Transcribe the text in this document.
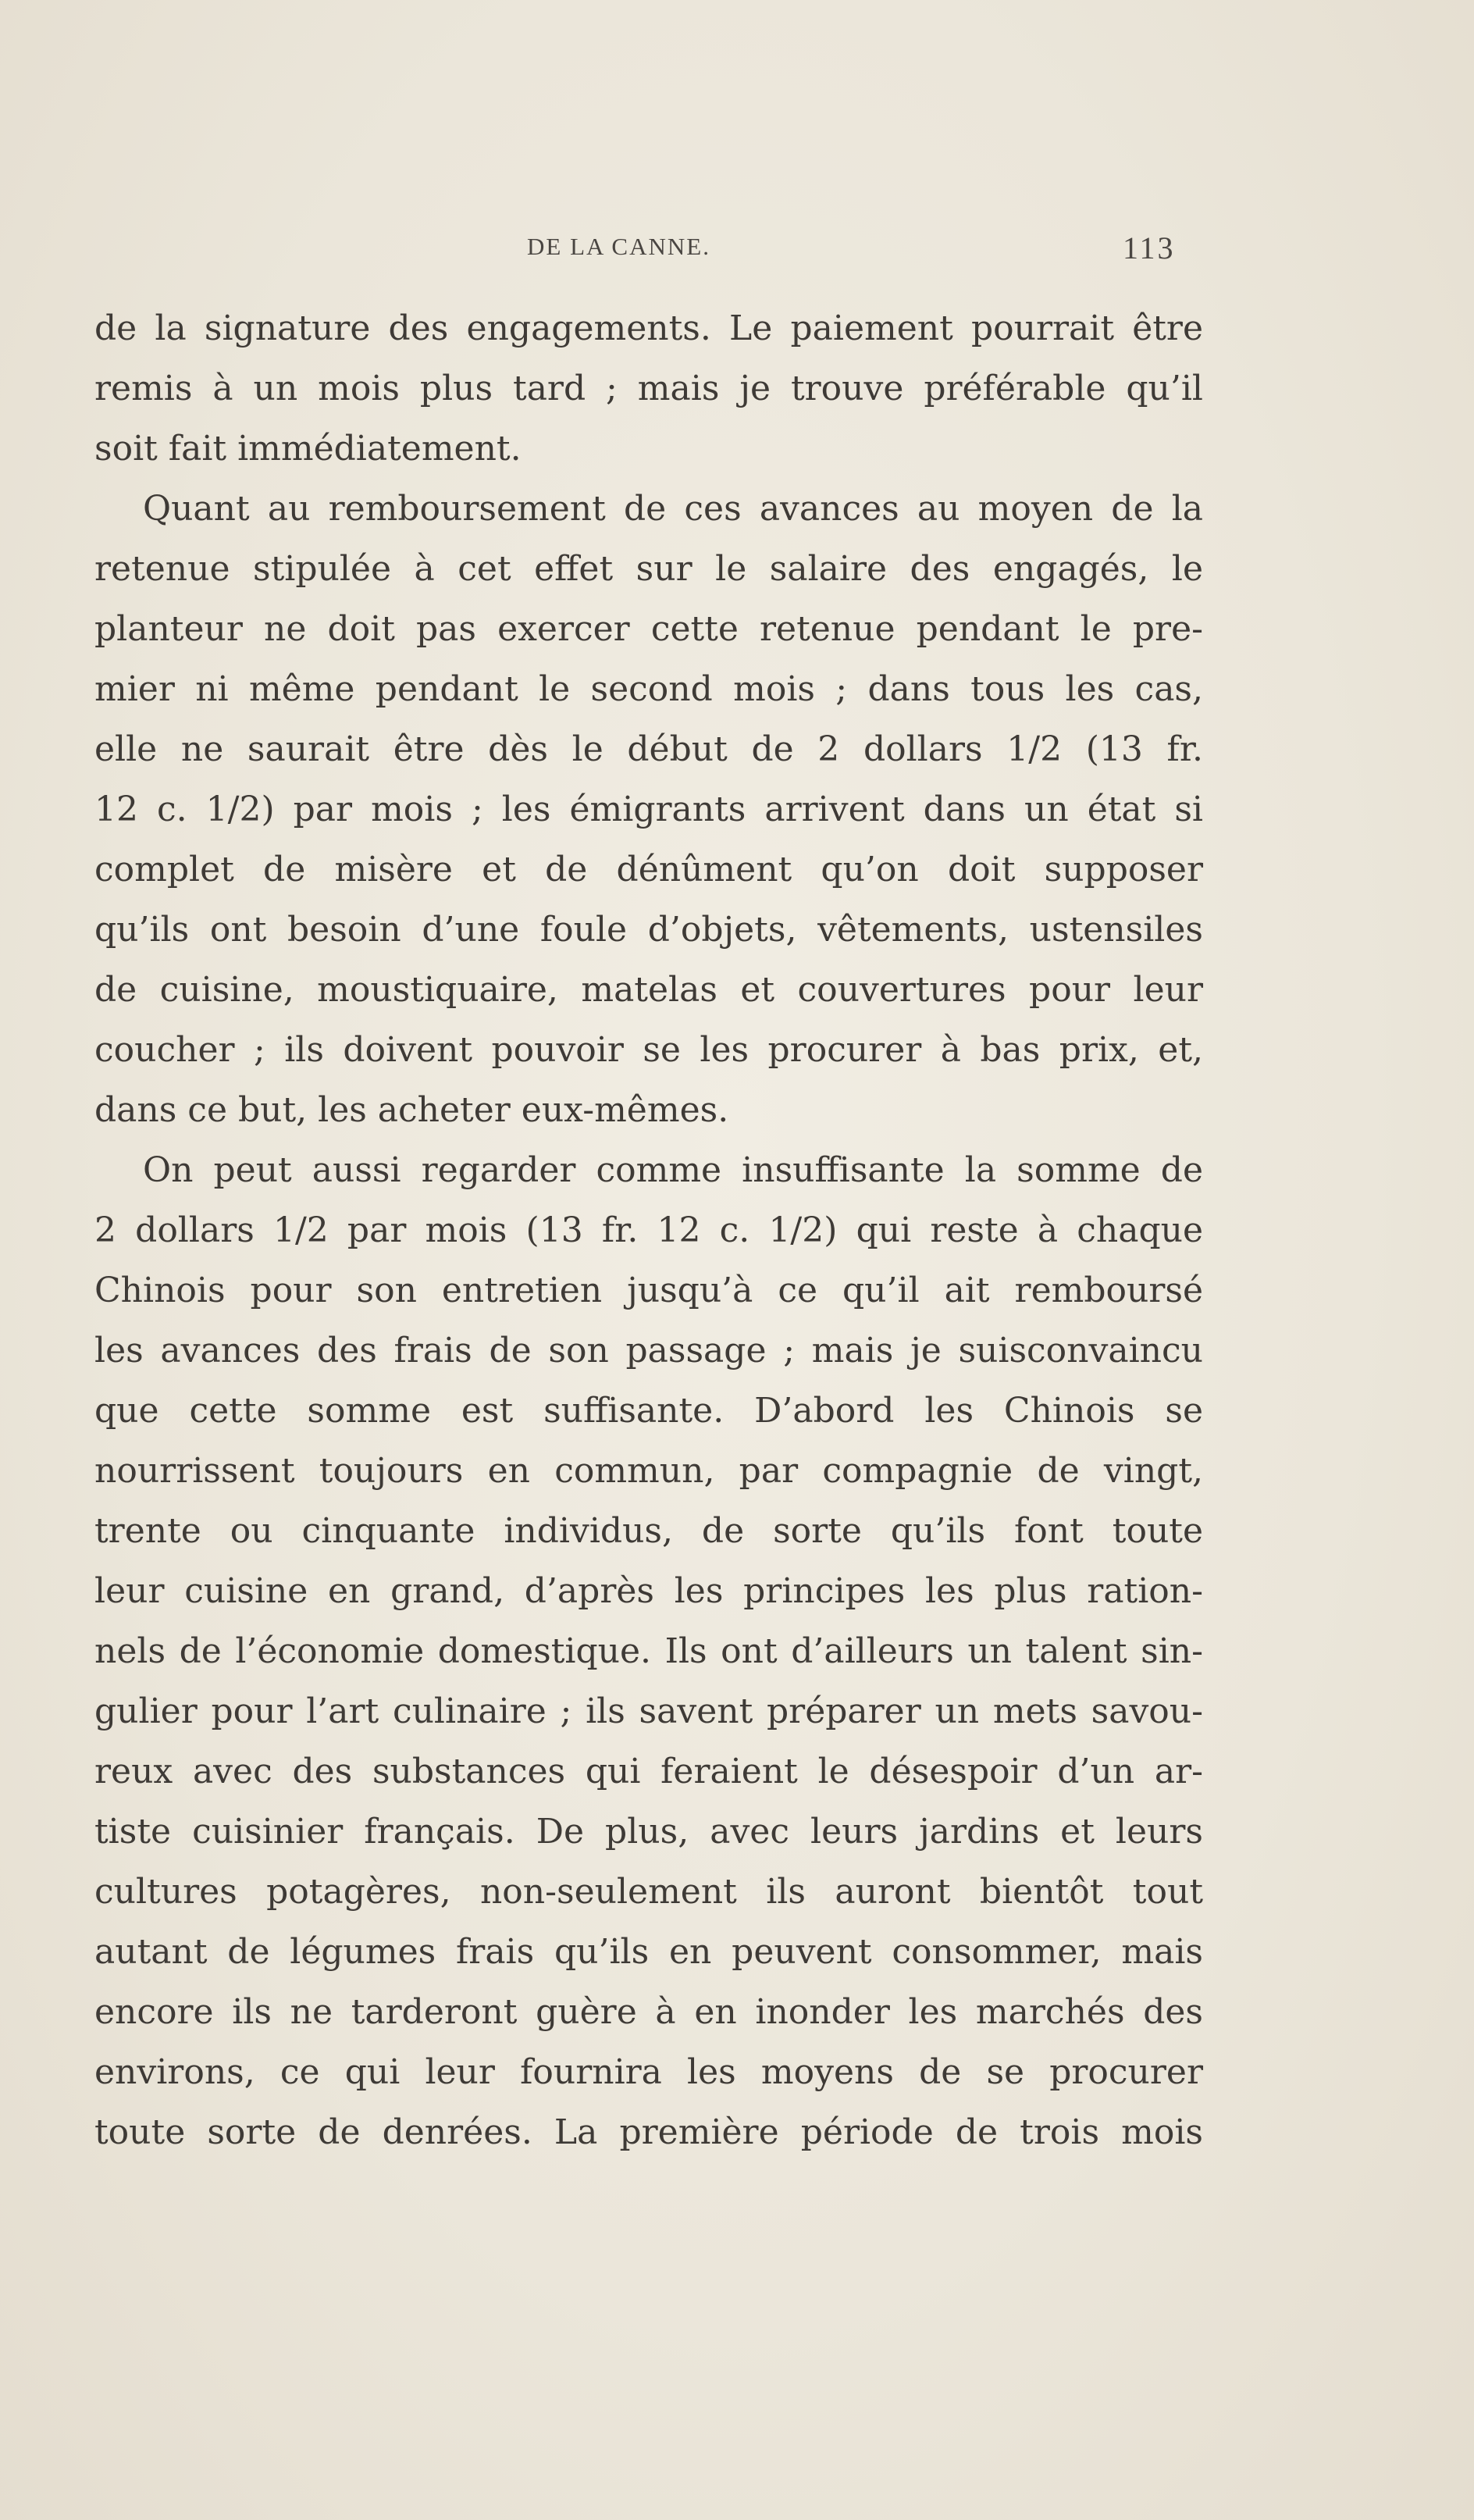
DE LA CANNE.	113
de la signature des engagements. Le paiement pourrait être
remis à un mois plus tard ; mais je trouve préférable qu’il
soit fait immédiatement.
Quant au remboursement de ces avances au moyen de la
retenue stipulée à cet effet sur le salaire des engagés, le
planteur ne doit pas exercer cette retenue pendant le pre-
mier ni même pendant le second mois ; dans tous les cas,
elle ne saurait être dès le début de 2 dollars 1/2 (13 fr.
12 c. 1/2) par mois ; les émigrants arrivent dans un état si
complet de misère et de dénûment qu’on doit supposer
qu’ils ont besoin d’une foule d’objets, vêtements, ustensiles
de cuisine, moustiquaire, matelas et couvertures pour leur
coucher ; ils doivent pouvoir se les procurer à bas prix, et,
dans ce but, les acheter eux-mêmes.
On peut aussi regarder comme insuffisante la somme de
2 dollars 1/2 par mois (13 fr. 12 c. 1/2) qui reste à chaque
Chinois pour son entretien jusqu’à ce qu’il ait remboursé
les avances des frais de son passage ; mais je suisconvaincu
que cette somme est suffisante. D’abord les Chinois se
nourrissent toujours en commun, par compagnie de vingt,
trente ou cinquante individus, de sorte qu’ils font toute
leur cuisine en grand, d’après les principes les plus ration-
nels de l’économie domestique. Ils ont d’ailleurs un talent sin-
gulier pour l’art culinaire ; ils savent préparer un mets savou-
reux avec des substances qui feraient le désespoir d’un ar-
tiste cuisinier français. De plus, avec leurs jardins et leurs
cultures potagères, non-seulement ils auront bientôt tout
autant de légumes frais qu’ils en peuvent consommer, mais
encore ils ne tarderont guère à en inonder les marchés des
environs, ce qui leur fournira les moyens de se procurer
toute sorte de denrées. La première période de trois mois
